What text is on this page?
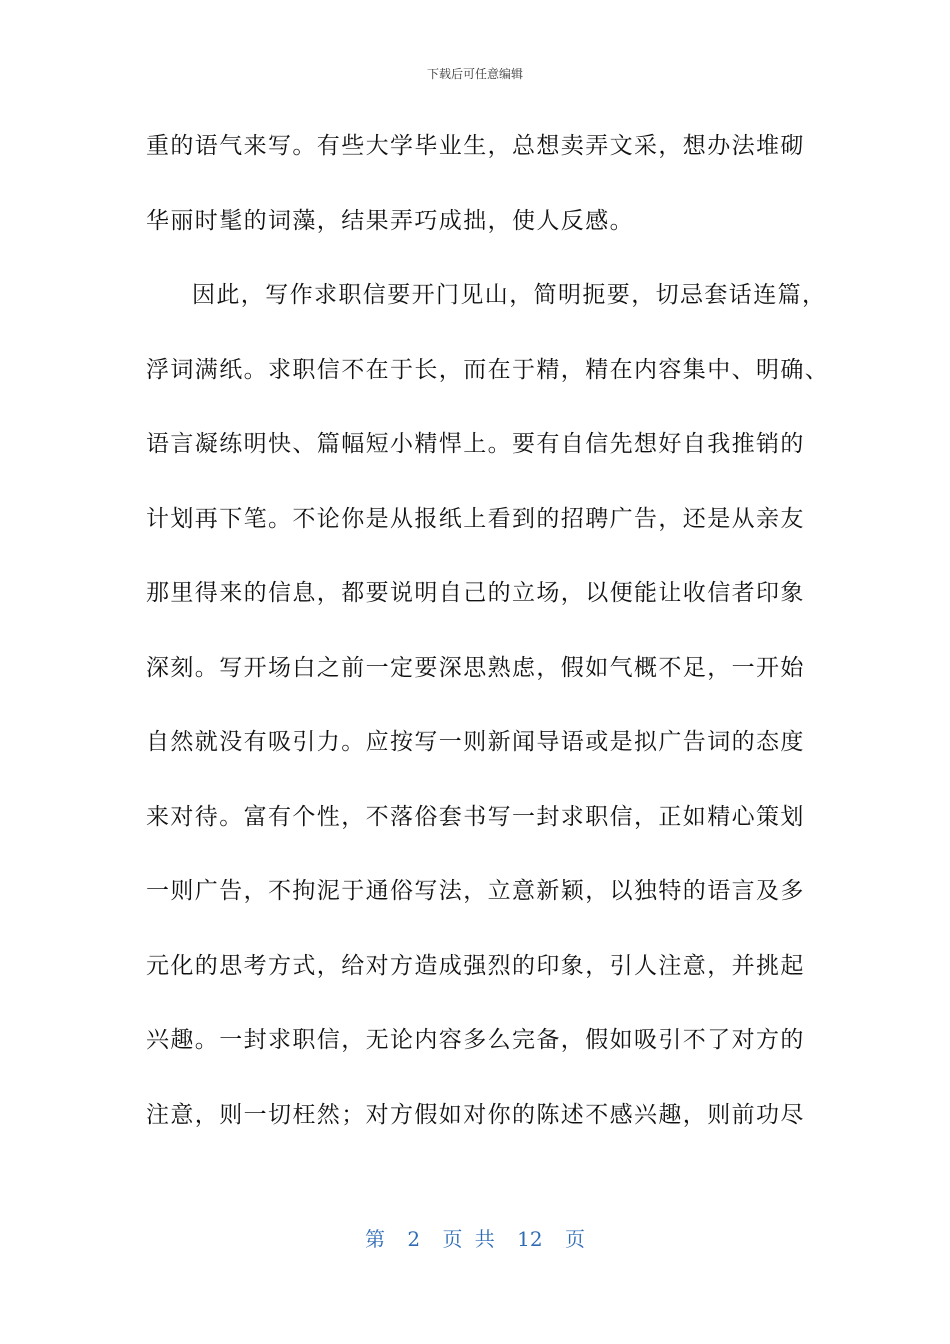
下载后可任意编辑
重的语气来写。有些大学毕业生，总想卖弄文采，想办法堆砌
华丽时髦的词藻，结果弄巧成拙，使人反感。
因此，写作求职信要开门见山，简明扼要，切忌套话连篇，
浮词满纸。求职信不在于长，而在于精，精在内容集中、明确、
语言凝练明快、篇幅短小精悍上。要有自信先想好自我推销的
计划再下笔。不论你是从报纸上看到的招聘广告，还是从亲友
那里得来的信息，都要说明自己的立场，以便能让收信者印象
深刻。写开场白之前一定要深思熟虑，假如气概不足，一开始
自然就没有吸引力。应按写一则新闻导语或是拟广告词的态度
来对待。富有个性，不落俗套书写一封求职信，正如精心策划
一则广告，不拘泥于通俗写法，立意新颖，以独特的语言及多
元化的思考方式，给对方造成强烈的印象，引人注意，并挑起
兴趣。一封求职信，无论内容多么完备，假如吸引不了对方的
注意，则一切枉然；对方假如对你的陈述不感兴趣，则前功尽
第 2 页 共 12 页
